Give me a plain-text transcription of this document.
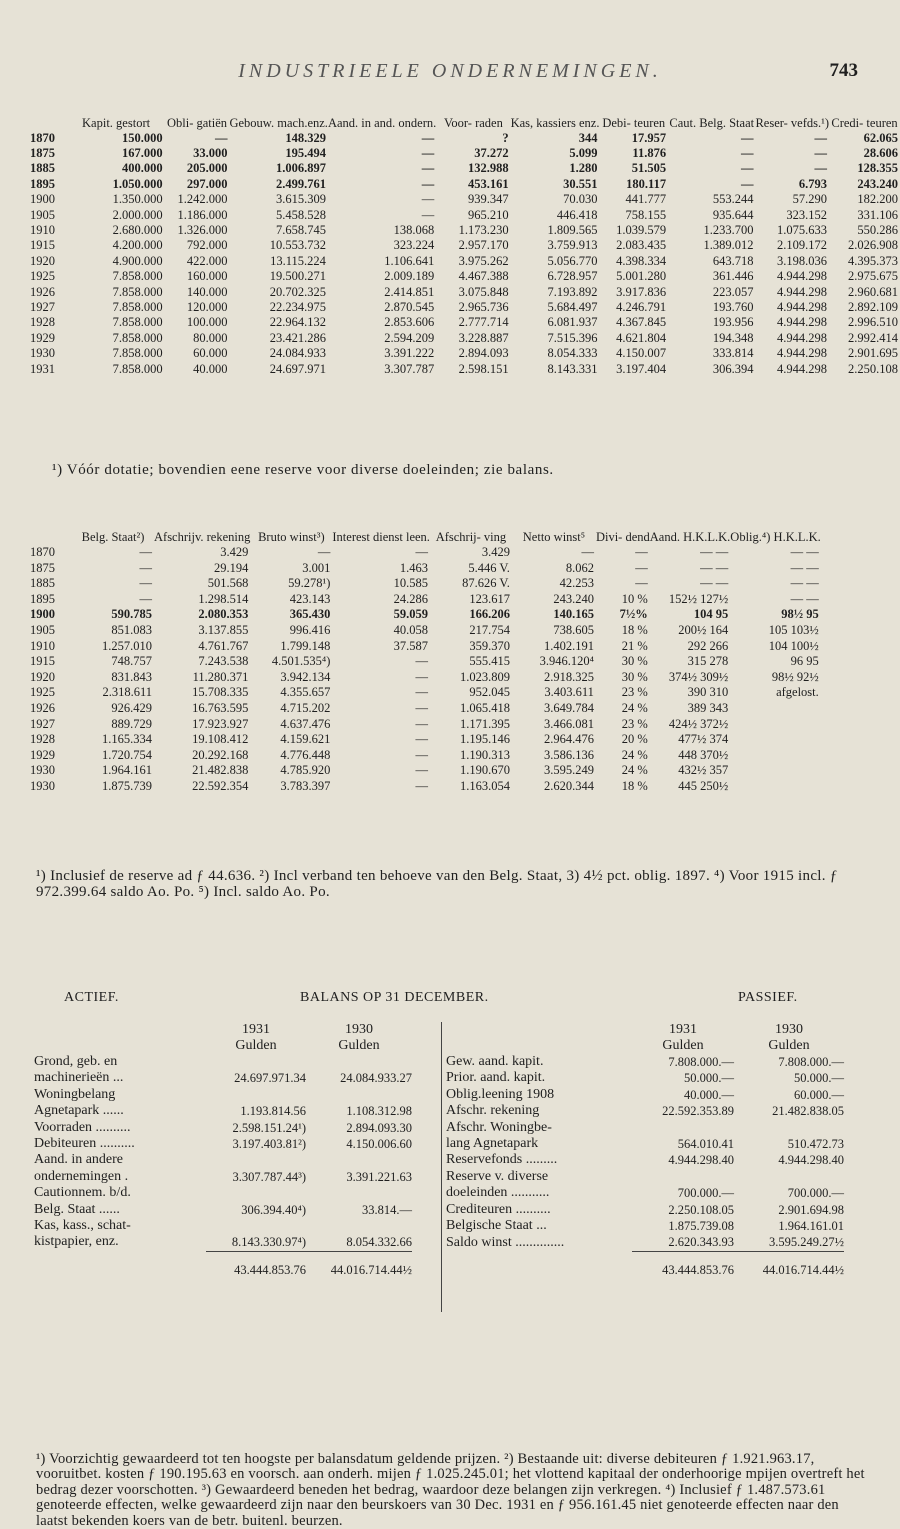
INDUSTRIEELE ONDERNEMINGEN.	743
	Kapit. gestort	Obli- gatiën	Gebouw. mach.enz.	Aand. in and. ondern.	Voor- raden	Kas, kassiers enz.	Debi- teuren	Caut. Belg. Staat	Reser- vefds.¹)	Credi- teuren
1870	150.000	—	148.329	—	?	344	17.957	—	—	62.065
1875	167.000	33.000	195.494	—	37.272	5.099	11.876	—	—	28.606
1885	400.000	205.000	1.006.897	—	132.988	1.280	51.505	—	—	128.355
1895	1.050.000	297.000	2.499.761	—	453.161	30.551	180.117	—	6.793	243.240
1900	1.350.000	1.242.000	3.615.309	—	939.347	70.030	441.777	553.244	57.290	182.200
1905	2.000.000	1.186.000	5.458.528	—	965.210	446.418	758.155	935.644	323.152	331.106
1910	2.680.000	1.326.000	7.658.745	138.068	1.173.230	1.809.565	1.039.579	1.233.700	1.075.633	550.286
1915	4.200.000	792.000	10.553.732	323.224	2.957.170	3.759.913	2.083.435	1.389.012	2.109.172	2.026.908
1920	4.900.000	422.000	13.115.224	1.106.641	3.975.262	5.056.770	4.398.334	643.718	3.198.036	4.395.373
1925	7.858.000	160.000	19.500.271	2.009.189	4.467.388	6.728.957	5.001.280	361.446	4.944.298	2.975.675
1926	7.858.000	140.000	20.702.325	2.414.851	3.075.848	7.193.892	3.917.836	223.057	4.944.298	2.960.681
1927	7.858.000	120.000	22.234.975	2.870.545	2.965.736	5.684.497	4.246.791	193.760	4.944.298	2.892.109
1928	7.858.000	100.000	22.964.132	2.853.606	2.777.714	6.081.937	4.367.845	193.956	4.944.298	2.996.510
1929	7.858.000	80.000	23.421.286	2.594.209	3.228.887	7.515.396	4.621.804	194.348	4.944.298	2.992.414
1930	7.858.000	60.000	24.084.933	3.391.222	2.894.093	8.054.333	4.150.007	333.814	4.944.298	2.901.695
1931	7.858.000	40.000	24.697.971	3.307.787	2.598.151	8.143.331	3.197.404	306.394	4.944.298	2.250.108
¹) Vóór dotatie; bovendien eene reserve voor diverse doeleinden; zie balans.
	Belg. Staat²)	Afschrijv. rekening	Bruto winst³)	Interest dienst leen.	Afschrij- ving	Netto winst⁵	Divi- dend	Aand. H.K.L.K.	Oblig.⁴) H.K.L.K.
1870	—	3.429	—	—	3.429	—	—	— —	— —
1875	—	29.194	3.001	1.463	5.446 V.	8.062	—	— —	— —
1885	—	501.568	59.278¹)	10.585	87.626 V.	42.253	—	— —	— —
1895	—	1.298.514	423.143	24.286	123.617	243.240	10 %	152½ 127½	— —
1900	590.785	2.080.353	365.430	59.059	166.206	140.165	7½%	104 95	98½ 95
1905	851.083	3.137.855	996.416	40.058	217.754	738.605	18 %	200½ 164	105 103½
1910	1.257.010	4.761.767	1.799.148	37.587	359.370	1.402.191	21 %	292 266	104 100½
1915	748.757	7.243.538	4.501.535⁴)	—	555.415	3.946.120⁴	30 %	315 278	96 95
1920	831.843	11.280.371	3.942.134	—	1.023.809	2.918.325	30 %	374½ 309½	98½ 92½
1925	2.318.611	15.708.335	4.355.657	—	952.045	3.403.611	23 %	390 310	afgelost.
1926	926.429	16.763.595	4.715.202	—	1.065.418	3.649.784	24 %	389 343	
1927	889.729	17.923.927	4.637.476	—	1.171.395	3.466.081	23 %	424½ 372½	
1928	1.165.334	19.108.412	4.159.621	—	1.195.146	2.964.476	20 %	477½ 374	
1929	1.720.754	20.292.168	4.776.448	—	1.190.313	3.586.136	24 %	448 370½	
1930	1.964.161	21.482.838	4.785.920	—	1.190.670	3.595.249	24 %	432½ 357	
1930	1.875.739	22.592.354	3.783.397	—	1.163.054	2.620.344	18 %	445 250½	
¹) Inclusief de reserve ad ƒ 44.636. ²) Incl verband ten behoeve van den Belg. Staat, 3) 4½ pct. oblig. 1897. ⁴) Voor 1915 incl. ƒ 972.399.64 saldo Ao. Po. ⁵) Incl. saldo Ao. Po.
ACTIEF.	BALANS OP 31 DECEMBER.	PASSIEF.
	1931	1930
	Gulden	Gulden
Grond, geb. en		
machinerieën ...	24.697.971.34	24.084.933.27
Woningbelang		
Agnetapark ......	1.193.814.56	1.108.312.98
Voorraden ..........	2.598.151.24¹)	2.894.093.30
Debiteuren ..........	3.197.403.81²)	4.150.006.60
Aand. in andere		
ondernemingen .	3.307.787.44³)	3.391.221.63
Cautionnem. b/d.		
Belg. Staat ......	306.394.40⁴)	33.814.—
Kas, kass., schat-		
kistpapier, enz.	8.143.330.97⁴)	8.054.332.66
	43.444.853.76	44.016.714.44½
	1931	1930
	Gulden	Gulden
Gew. aand. kapit.	7.808.000.—	7.808.000.—
Prior. aand. kapit.	50.000.—	50.000.—
Oblig.leening 1908	40.000.—	60.000.—
Afschr. rekening	22.592.353.89	21.482.838.05
Afschr. Woningbe-		
lang Agnetapark	564.010.41	510.472.73
Reservefonds .........	4.944.298.40	4.944.298.40
Reserve v. diverse		
doeleinden ...........	700.000.—	700.000.—
Crediteuren ..........	2.250.108.05	2.901.694.98
Belgische Staat ...	1.875.739.08	1.964.161.01
Saldo winst ..............	2.620.343.93	3.595.249.27½
	43.444.853.76	44.016.714.44½
¹) Voorzichtig gewaardeerd tot ten hoogste per balansdatum geldende prijzen. ²) Bestaande uit: diverse debiteuren ƒ 1.921.963.17, vooruitbet. kosten ƒ 190.195.63 en voorsch. aan onderh. mijen ƒ 1.025.245.01; het vlottend kapitaal der onderhoorige mpijen overtreft het bedrag dezer voorschotten. ³) Gewaardeerd beneden het bedrag, waardoor deze belangen zijn verkregen. ⁴) Inclusief ƒ 1.487.573.61 genoteerde effecten, welke gewaardeerd zijn naar den beurskoers van 30 Dec. 1931 en ƒ 956.161.45 niet genoteerde effecten naar den laatst bekenden koers van de betr. buitenl. beurzen.
